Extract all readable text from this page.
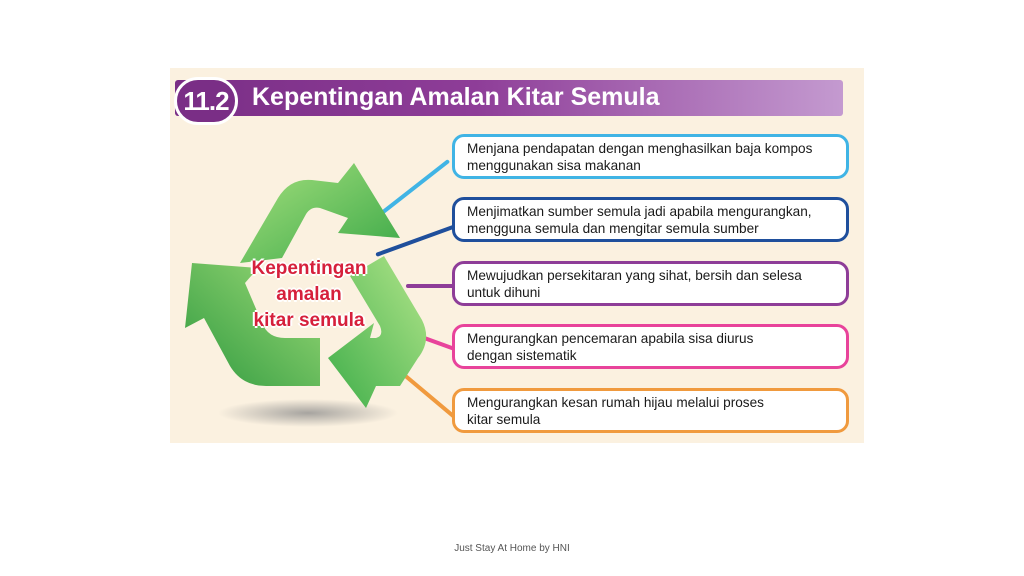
11.2 Kepentingan Amalan Kitar Semula
Kepentingan
amalan
kitar semula
Menjana pendapatan dengan menghasilkan baja kompos
menggunakan sisa makanan
Menjimatkan sumber semula jadi apabila mengurangkan,
mengguna semula dan mengitar semula sumber
Mewujudkan persekitaran yang sihat, bersih dan selesa
untuk dihuni
Mengurangkan pencemaran apabila sisa diurus
dengan sistematik
Mengurangkan kesan rumah hijau melalui proses
kitar semula
Just Stay At Home by HNI
